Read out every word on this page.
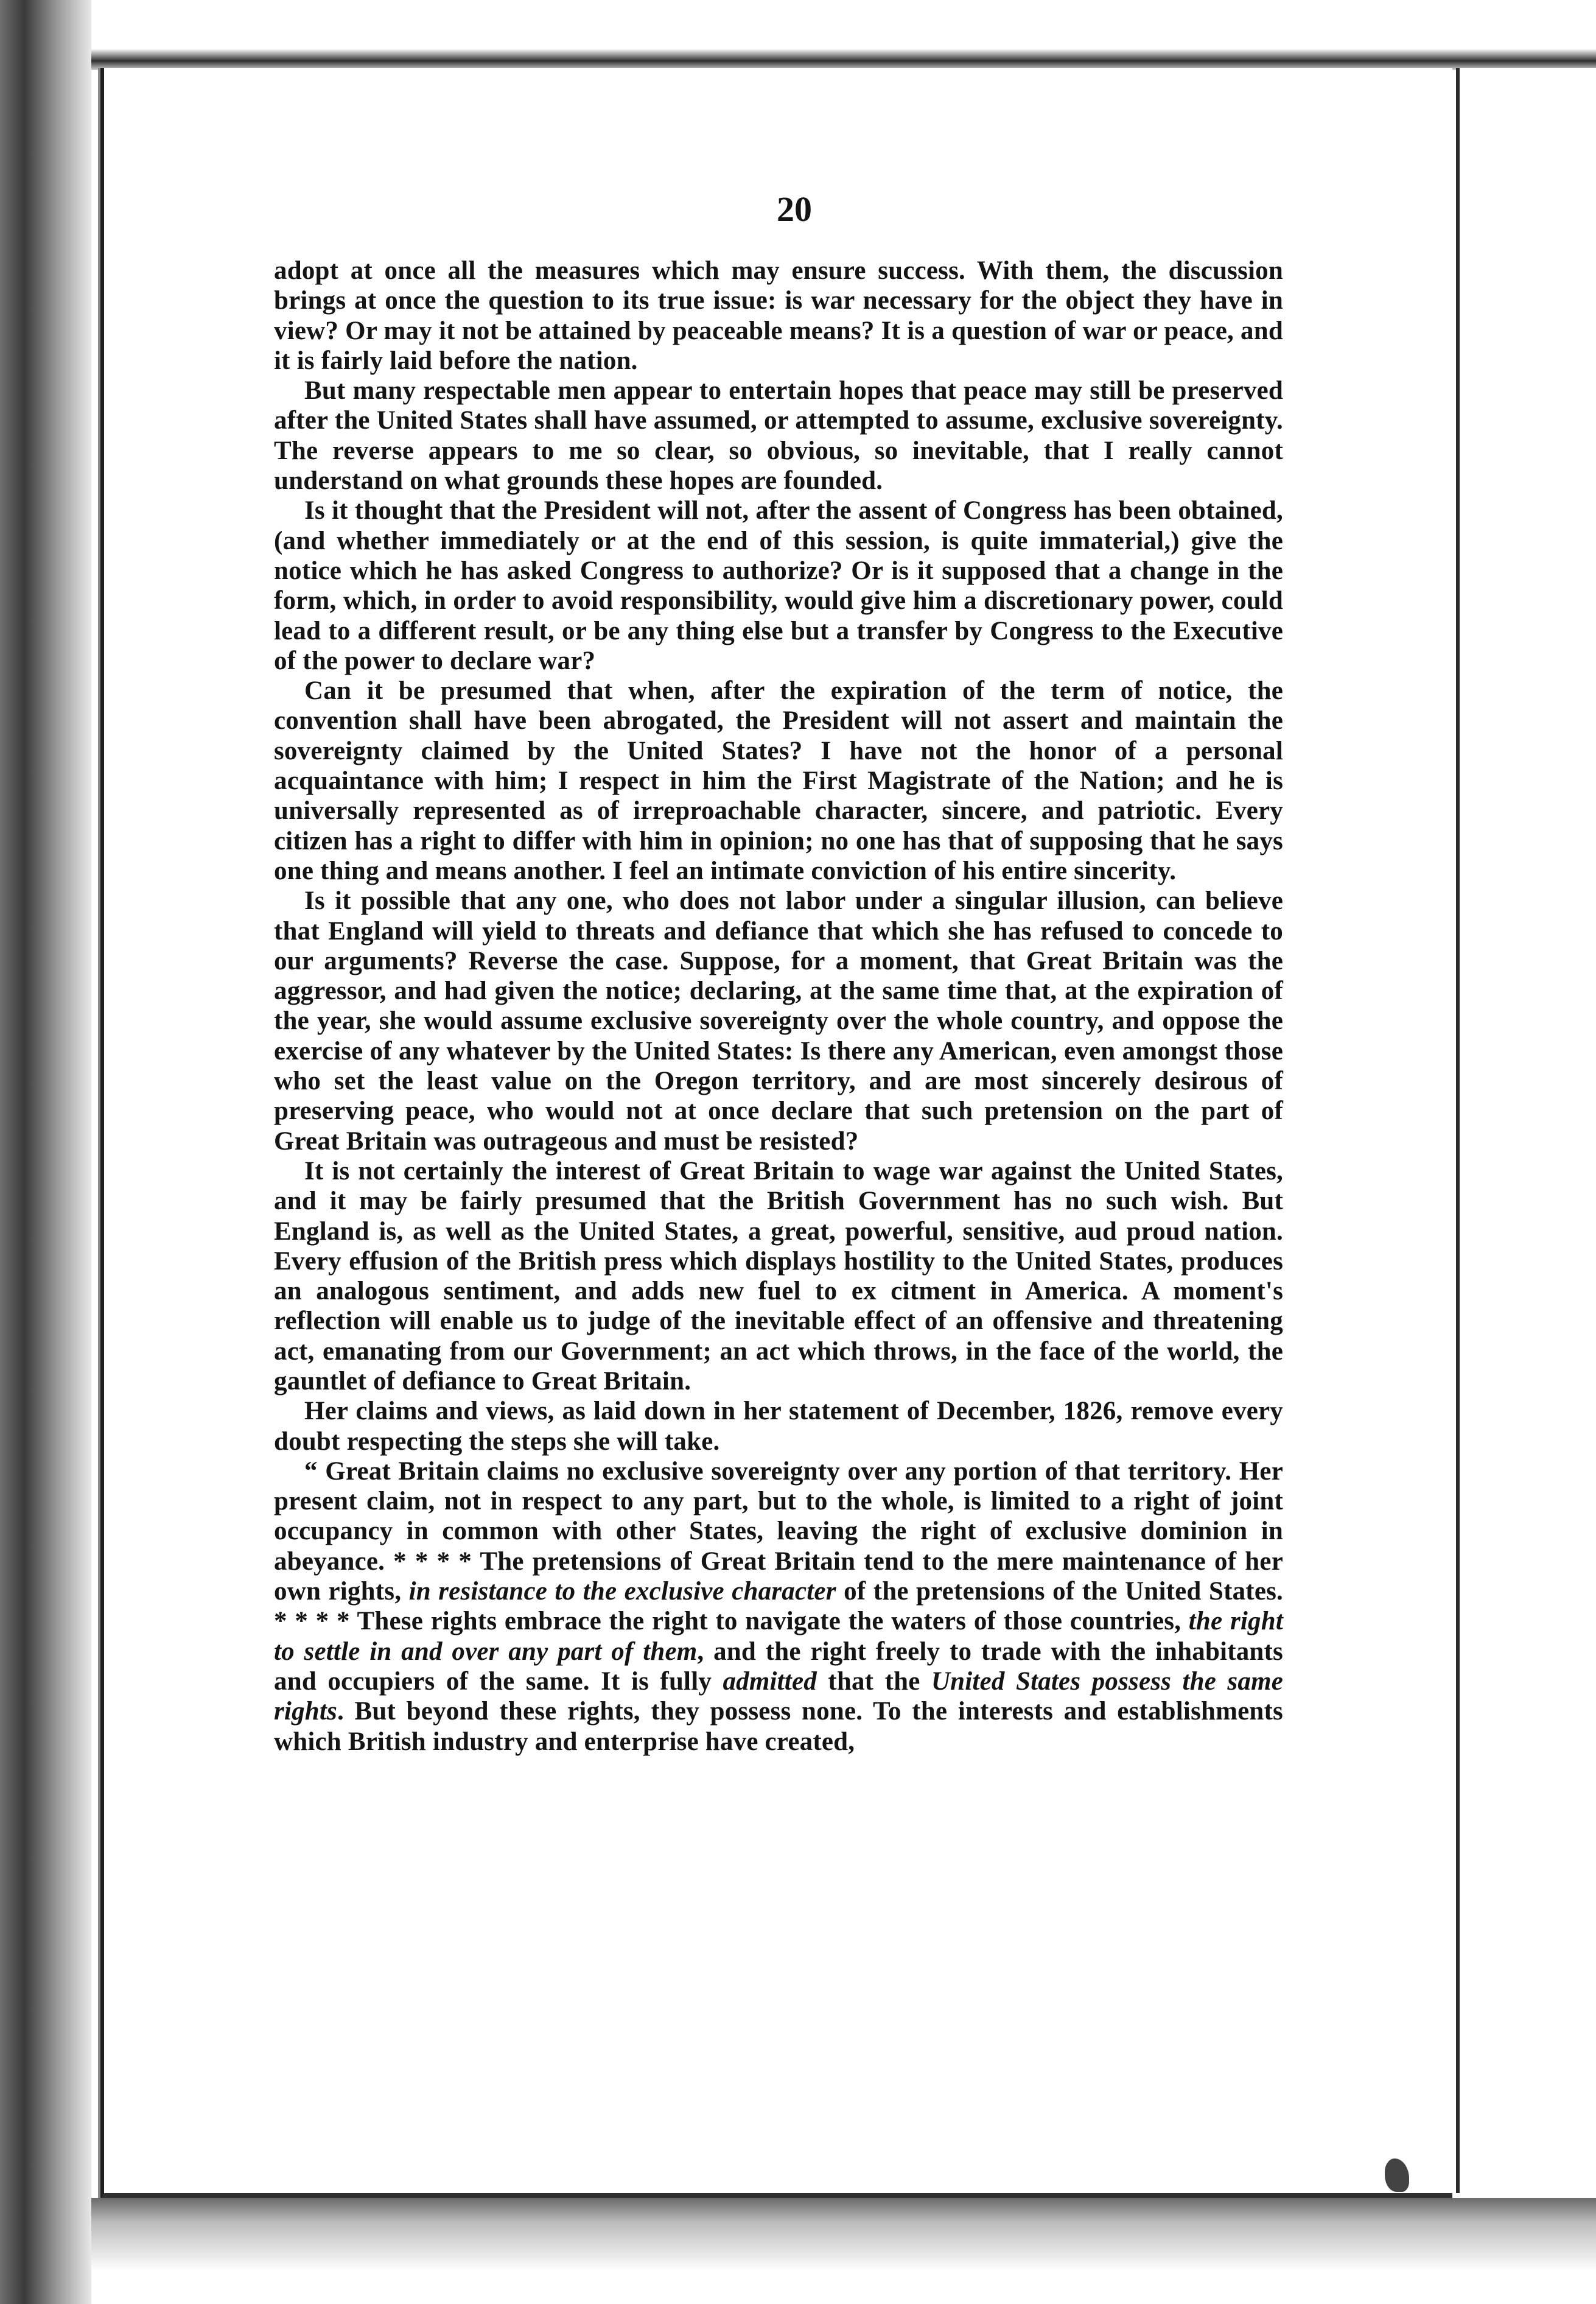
20

adopt at once all the measures which may ensure success. With them, the discussion brings at once the question to its true issue: is war necessary for the object they have in view? Or may it not be attained by peaceable means? It is a question of war or peace, and it is fairly laid before the nation.

But many respectable men appear to entertain hopes that peace may still be preserved after the United States shall have assumed, or attempted to assume, exclusive sovereignty. The reverse appears to me so clear, so obvious, so inevitable, that I really cannot understand on what grounds these hopes are founded.

Is it thought that the President will not, after the assent of Congress has been obtained, (and whether immediately or at the end of this session, is quite immaterial,) give the notice which he has asked Congress to authorize? Or is it supposed that a change in the form, which, in order to avoid responsibility, would give him a discretionary power, could lead to a different result, or be any thing else but a transfer by Congress to the Executive of the power to declare war?

Can it be presumed that when, after the expiration of the term of notice, the convention shall have been abrogated, the President will not assert and maintain the sovereignty claimed by the United States? I have not the honor of a personal acquaintance with him; I respect in him the First Magistrate of the Nation; and he is universally represented as of irreproachable character, sincere, and patriotic. Every citizen has a right to differ with him in opinion; no one has that of supposing that he says one thing and means another. I feel an intimate conviction of his entire sincerity.

Is it possible that any one, who does not labor under a singular illusion, can believe that England will yield to threats and defiance that which she has refused to concede to our arguments? Reverse the case. Suppose, for a moment, that Great Britain was the aggressor, and had given the notice; declaring, at the same time that, at the expiration of the year, she would assume exclusive sovereignty over the whole country, and oppose the exercise of any whatever by the United States: Is there any American, even amongst those who set the least value on the Oregon territory, and are most sincerely desirous of preserving peace, who would not at once declare that such pretension on the part of Great Britain was outrageous and must be resisted?

It is not certainly the interest of Great Britain to wage war against the United States, and it may be fairly presumed that the British Government has no such wish. But England is, as well as the United States, a great, powerful, sensitive, aud proud nation. Every effusion of the British press which displays hostility to the United States, produces an analogous sentiment, and adds new fuel to ex citment in America. A moment's reflection will enable us to judge of the inevitable effect of an offensive and threatening act, emanating from our Government; an act which throws, in the face of the world, the gauntlet of defiance to Great Britain.

Her claims and views, as laid down in her statement of December, 1826, remove every doubt respecting the steps she will take.

“ Great Britain claims no exclusive sovereignty over any portion of that territory. Her present claim, not in respect to any part, but to the whole, is limited to a right of joint occupancy in common with other States, leaving the right of exclusive dominion in abeyance. * * * * The pretensions of Great Britain tend to the mere maintenance of her own rights, in resistance to the exclusive character of the pretensions of the United States. * * * * These rights embrace the right to navigate the waters of those countries, the right to settle in and over any part of them, and the right freely to trade with the inhabitants and occupiers of the same. It is fully admitted that the United States possess the same rights. But beyond these rights, they possess none. To the interests and establishments which British industry and enterprise have created,
